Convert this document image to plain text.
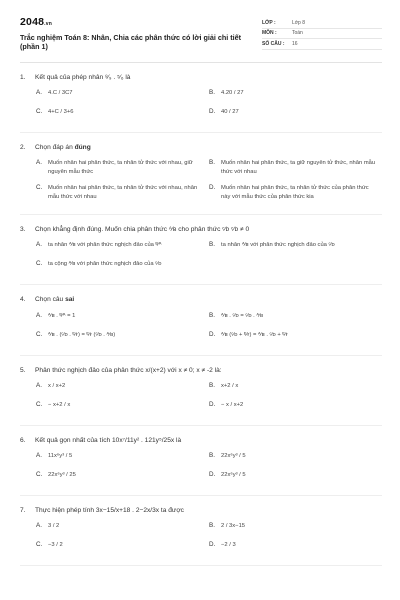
2048.vn
Trắc nghiệm Toán 8: Nhân, Chia các phân thức có lời giải chi tiết (phần 1)
LỚP :	Lớp 8
MÔN :	Toán
SỐ CÂU :	16
1 .	Kết quả của phép nhân ⁸⁄₉ . ⁵⁄₆ là
A .	4.C / 3C7	B .	4.20 / 27
C .	4+C / 3+6	D .	40 / 27
2 .	Chọn đáp án
đúng
A .	Muốn nhân hai phân thức, ta nhân tử thức với nhau, giữ nguyên mẫu thức
B .	Muốn nhân hai phân thức, ta giữ nguyên tử thức, nhân mẫu thức với nhau
C .	Muốn nhân hai phân thức, ta nhân tử thức với nhau, nhân mẫu thức với nhau
D .	Muốn nhân hai phân thức, ta nhân tử thức của phân thức này với mẫu thức của phân thức kia
3 .	Chọn khẳng định đúng. Muốn chia phân thức ᴬ⁄ʙ cho phân thức ᶜ⁄ᴅ ᶜ⁄ᴅ ≠ 0
A .	ta nhân ᴬ⁄ʙ với phân thức nghịch đảo của ᴮ⁄ᴬ	B .	ta nhân ᴬ⁄ʙ với phân thức nghịch đảo của ᶜ⁄ᴅ
C .	ta cộng ᴬ⁄ʙ với phân thức nghịch đảo của ᶜ⁄ᴅ
4 .	Chọn câu
sai
A .	ᴬ⁄ʙ . ᴮ⁄ᴬ = 1	B .	ᴬ⁄ʙ . ᶜ⁄ᴅ = ᶜ⁄ᴅ . ᴬ⁄ʙ
C .	ᴬ⁄ʙ . (ᶜ⁄ᴅ . ᴱ⁄ғ) = ᴱ⁄ғ (ᶜ⁄ᴅ . ᴬ⁄ʙ)	D .	ᴬ⁄ʙ (ᶜ⁄ᴅ + ᴱ⁄ғ) = ᴬ⁄ʙ . ᶜ⁄ᴅ + ᴱ⁄ғ
5 .	Phân thức nghịch đảo của phân thức x/(x+2) với x ≠ 0; x ≠ -2 là:
A .	x / x+2	B .	x+2 / x
C .	− x+2 / x	D .	− x / x+2
6 .	Kết quả gọn nhất của tích 10x⁷/11y² . 121y⁵/25x là
A .	11x⁶y³ / 5	B .	22x⁶y³ / 5
C .	22x⁶y³ / 25	D .	22x⁶y³ / 5
7 .	Thực hiện phép tính 3x−15/x+18 . 2−2x/3x ta được
A .	3 / 2	B .	2 / 3x−15
C .	−3 / 2	D .	−2 / 3
